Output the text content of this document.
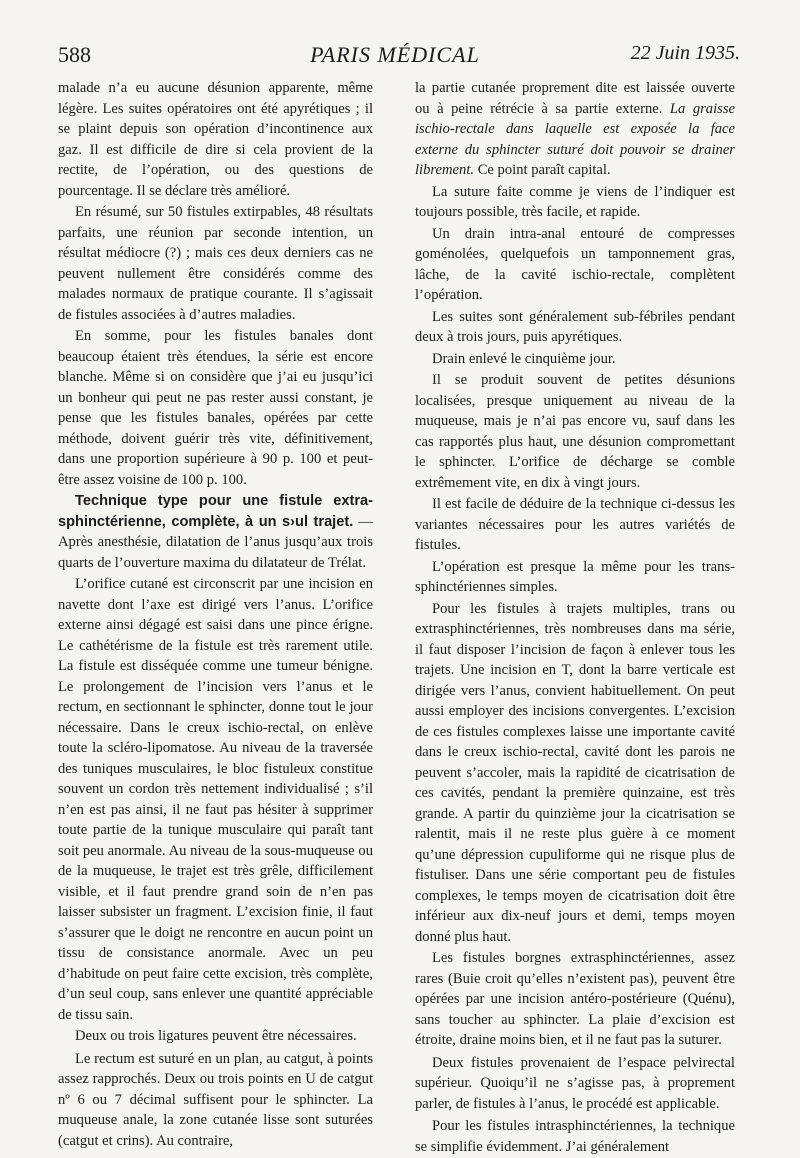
588	PARIS MÉDICAL	22 Juin 1935.

malade n’a eu aucune désunion apparente, même légère. Les suites opératoires ont été apyrétiques ; il se plaint depuis son opération d’incontinence aux gaz. Il est difficile de dire si cela provient de la rectite, de l’opération, ou des questions de pourcentage. Il se déclare très amélioré.

En résumé, sur 50 fistules extirpables, 48 résultats parfaits, une réunion par seconde intention, un résultat médiocre (?) ; mais ces deux derniers cas ne peuvent nullement être considérés comme des malades normaux de pratique courante. Il s’agissait de fistules associées à d’autres maladies.

En somme, pour les fistules banales dont beaucoup étaient très étendues, la série est encore blanche. Même si on considère que j’ai eu jusqu’ici un bonheur qui peut ne pas rester aussi constant, je pense que les fistules banales, opérées par cette méthode, doivent guérir très vite, définitivement, dans une proportion supérieure à 90 p. 100 et peut-être assez voisine de 100 p. 100.

Technique type pour une fistule extra-sphinctérienne, complète, à un s›ul trajet. — Après anesthésie, dilatation de l’anus jusqu’aux trois quarts de l’ouverture maxima du dilatateur de Trélat.

L’orifice cutané est circonscrit par une incision en navette dont l’axe est dirigé vers l’anus. L’orifice externe ainsi dégagé est saisi dans une pince érigne. Le cathétérisme de la fistule est très rarement utile. La fistule est disséquée comme une tumeur bénigne. Le prolongement de l’incision vers l’anus et le rectum, en sectionnant le sphincter, donne tout le jour nécessaire. Dans le creux ischio-rectal, on enlève toute la scléro-lipomatose. Au niveau de la traversée des tuniques musculaires, le bloc fistuleux constitue souvent un cordon très nettement individualisé ; s’il n’en est pas ainsi, il ne faut pas hésiter à supprimer toute partie de la tunique musculaire qui paraît tant soit peu anormale. Au niveau de la sous-muqueuse ou de la muqueuse, le trajet est très grêle, difficilement visible, et il faut prendre grand soin de n’en pas laisser subsister un fragment. L’excision finie, il faut s’assurer que le doigt ne rencontre en aucun point un tissu de consistance anormale. Avec un peu d’habitude on peut faire cette excision, très complète, d’un seul coup, sans enlever une quantité appréciable de tissu sain.

Deux ou trois ligatures peuvent être nécessaires.

Le rectum est suturé en un plan, au catgut, à points assez rapprochés. Deux ou trois points en U de catgut nº 6 ou 7 décimal suffisent pour le sphincter. La muqueuse anale, la zone cutanée lisse sont suturées (catgut et crins). Au contraire,

la partie cutanée proprement dite est laissée ouverte ou à peine rétrécie à sa partie externe. La graisse ischio-rectale dans laquelle est exposée la face externe du sphincter suturé doit pouvoir se drainer librement. Ce point paraît capital.

La suture faite comme je viens de l’indiquer est toujours possible, très facile, et rapide.

Un drain intra-anal entouré de compresses goménolées, quelquefois un tamponnement gras, lâche, de la cavité ischio-rectale, complètent l’opération.

Les suites sont généralement sub-fébriles pendant deux à trois jours, puis apyrétiques.

Drain enlevé le cinquième jour.

Il se produit souvent de petites désunions localisées, presque uniquement au niveau de la muqueuse, mais je n’ai pas encore vu, sauf dans les cas rapportés plus haut, une désunion compromettant le sphincter. L’orifice de décharge se comble extrêmement vite, en dix à vingt jours.

Il est facile de déduire de la technique ci-dessus les variantes nécessaires pour les autres variétés de fistules.

L’opération est presque la même pour les trans-sphinctériennes simples.

Pour les fistules à trajets multiples, trans ou extrasphinctériennes, très nombreuses dans ma série, il faut disposer l’incision de façon à enlever tous les trajets. Une incision en T, dont la barre verticale est dirigée vers l’anus, convient habituellement. On peut aussi employer des incisions convergentes. L’excision de ces fistules complexes laisse une importante cavité dans le creux ischio-rectal, cavité dont les parois ne peuvent s’accoler, mais la rapidité de cicatrisation de ces cavités, pendant la première quinzaine, est très grande. A partir du quinzième jour la cicatrisation se ralentit, mais il ne reste plus guère à ce moment qu’une dépression cupuliforme qui ne risque plus de fistuliser. Dans une série comportant peu de fistules complexes, le temps moyen de cicatrisation doit être inférieur aux dix-neuf jours et demi, temps moyen donné plus haut.

Les fistules borgnes extrasphinctériennes, assez rares (Buie croit qu’elles n’existent pas), peuvent être opérées par une incision antéro-postérieure (Quénu), sans toucher au sphincter. La plaie d’excision est étroite, draine moins bien, et il ne faut pas la suturer.

Deux fistules provenaient de l’espace pelvirectal supérieur. Quoiqu’il ne s’agisse pas, à proprement parler, de fistules à l’anus, le procédé est applicable.

Pour les fistules intrasphinctériennes, la technique se simplifie évidemment. J’ai généralement
